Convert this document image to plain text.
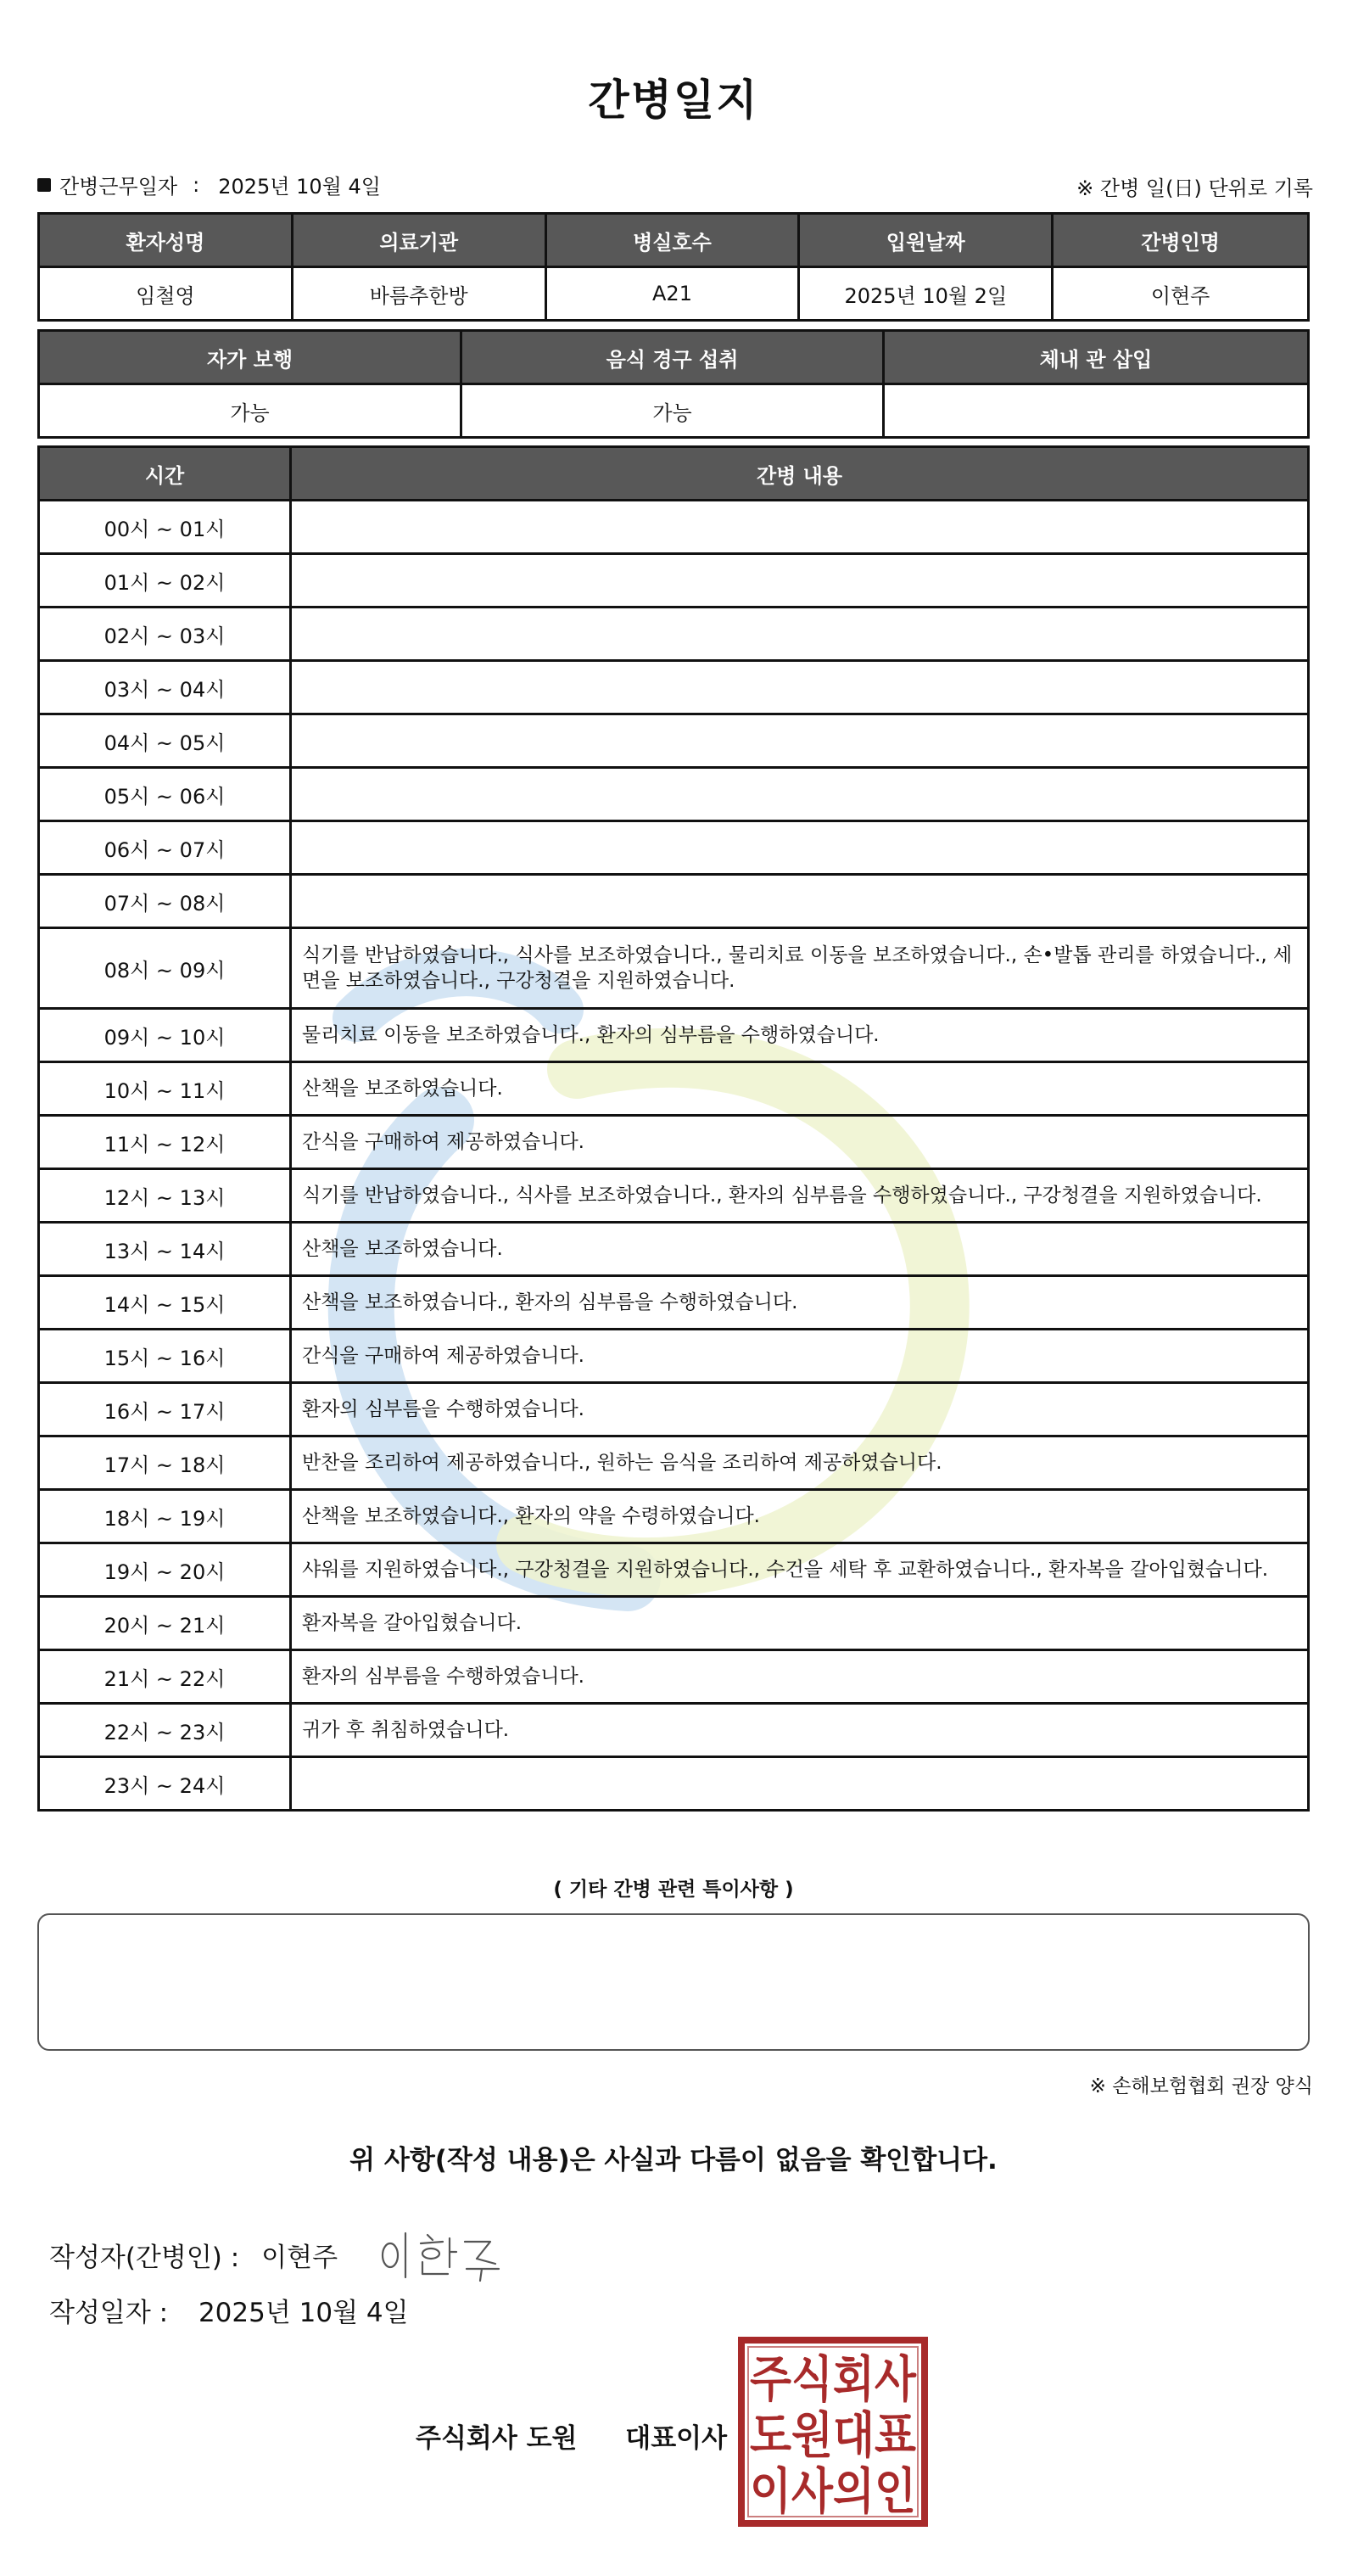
간병일지
간병근무일자 : 2025년 10월 4일	※ 간병 일(日) 단위로 기록
환자성명	의료기관	병실호수	입원날짜	간병인명
임철영	바름추한방	A21	2025년 10월 2일	이현주
자가 보행	음식 경구 섭취	체내 관 삽입
가능	가능	
시간	간병 내용
00시 ~ 01시	
01시 ~ 02시	
02시 ~ 03시	
03시 ~ 04시	
04시 ~ 05시	
05시 ~ 06시	
06시 ~ 07시	
07시 ~ 08시	
08시 ~ 09시	식기를 반납하였습니다., 식사를 보조하였습니다., 물리치료 이동을 보조하였습니다., 손•발톱 관리를 하였습니다., 세면을 보조하였습니다., 구강청결을 지원하였습니다.
09시 ~ 10시	물리치료 이동을 보조하였습니다., 환자의 심부름을 수행하였습니다.
10시 ~ 11시	산책을 보조하였습니다.
11시 ~ 12시	간식을 구매하여 제공하였습니다.
12시 ~ 13시	식기를 반납하였습니다., 식사를 보조하였습니다., 환자의 심부름을 수행하였습니다., 구강청결을 지원하였습니다.
13시 ~ 14시	산책을 보조하였습니다.
14시 ~ 15시	산책을 보조하였습니다., 환자의 심부름을 수행하였습니다.
15시 ~ 16시	간식을 구매하여 제공하였습니다.
16시 ~ 17시	환자의 심부름을 수행하였습니다.
17시 ~ 18시	반찬을 조리하여 제공하였습니다., 원하는 음식을 조리하여 제공하였습니다.
18시 ~ 19시	산책을 보조하였습니다., 환자의 약을 수령하였습니다.
19시 ~ 20시	샤워를 지원하였습니다., 구강청결을 지원하였습니다., 수건을 세탁 후 교환하였습니다., 환자복을 갈아입혔습니다.
20시 ~ 21시	환자복을 갈아입혔습니다.
21시 ~ 22시	환자의 심부름을 수행하였습니다.
22시 ~ 23시	귀가 후 취침하였습니다.
23시 ~ 24시	
( 기타 간병 관련 특이사항 )
※ 손해보험협회 권장 양식
위 사항(작성 내용)은 사실과 다름이 없음을 확인합니다.
작성자(간병인) : 이현주
작성일자 : 2025년 10월 4일
주식회사 도원 대표이사
주식회사
도원대표
이사의인
